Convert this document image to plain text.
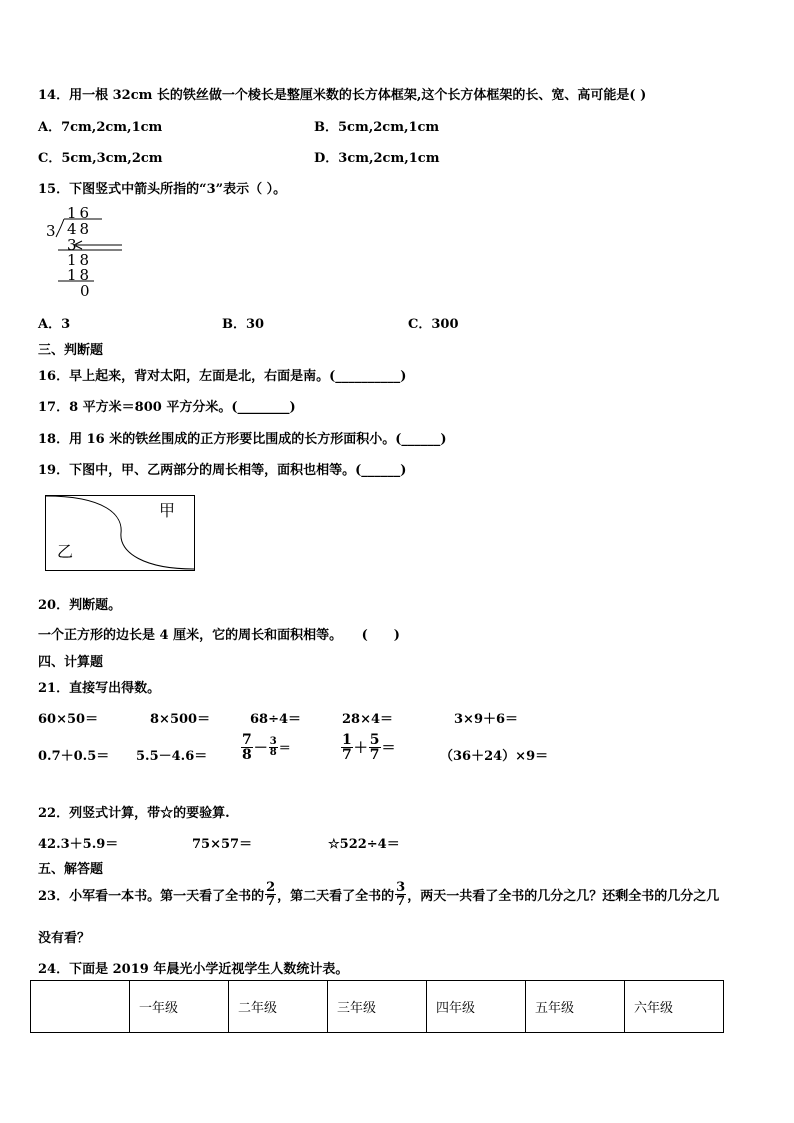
14．用一根 32cm 长的铁丝做一个棱长是整厘米数的长方体框架,这个长方体框架的长、宽、高可能是( )
A．7cm,2cm,1cm	B．5cm,2cm,1cm
C．5cm,3cm,2cm	D．3cm,2cm,1cm
15．下图竖式中箭头所指的“3”表示（ ）。
16
3 48
3
18
18
0
A．3	B．30	C．300
三、判断题
16．早上起来，背对太阳，左面是北，右面是南。(__________)
17．8 平方米＝800 平方分米。(________)
18．用 16 米的铁丝围成的正方形要比围成的长方形面积小。(______)
19．下图中，甲、乙两部分的周长相等，面积也相等。(______)
甲
乙
20．判断题。
一个正方形的边长是 4 厘米，它的周长和面积相等。　　(　　)
四、计算题
21．直接写出得数。
60×50＝	8×500＝	68÷4＝	28×4＝	3×9＋6＝
$0.7+0.5= 5.5-4.6= \frac{7}{8} - \frac{3}{8}$ ＝	$\frac{1}{7} + \frac{5}{7}$ ＝	（36＋24）×9＝
22．列竖式计算，带☆的要验算.
42.3＋5.9＝	75×57＝	☆522÷4＝
五、解答题
23．小军看一本书。第一天看了全书的 $\frac{2}{7}$ ，第二天看了全书的 $\frac{3}{7}$ ，两天一共看了全书的几分之几？还剩全书的几分之几
没有看？
24．下面是 2019 年晨光小学近视学生人数统计表。
	一年级	二年级	三年级	四年级	五年级	六年级
